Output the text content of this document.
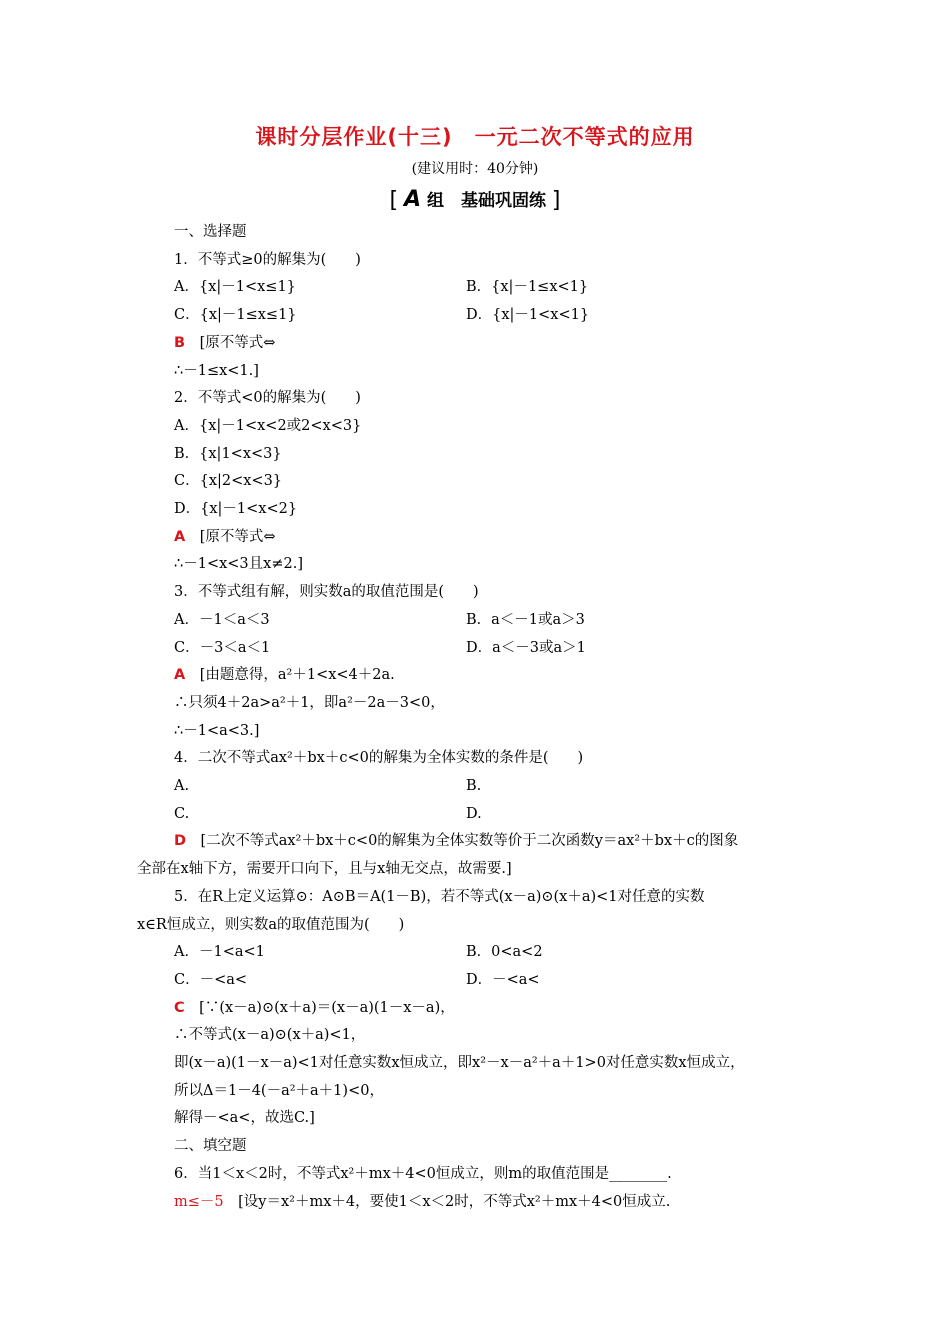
课时分层作业(十三)　一元二次不等式的应用
(建议用时：40分钟)
[ A 组　基础巩固练 ]
一、选择题
1．不等式≥0的解集为(　　)
A．{x|－1<x≤1}	B．{x|－1≤x<1}
C．{x|－1≤x≤1}	D．{x|－1<x<1}
B　 [原不等式⇔
∴－1≤x<1.]
2．不等式<0的解集为(　　)
A．{x|－1<x<2或2<x<3}
B．{x|1<x<3}
C．{x|2<x<3}
D．{x|－1<x<2}
A　 [原不等式⇔
∴－1<x<3且x≠2.]
3．不等式组有解，则实数a的取值范围是(　　)
A．－1＜a＜3	B．a＜－1或a＞3
C．－3＜a＜1	D．a＜－3或a＞1
A　 [由题意得，a²＋1<x<4＋2a.
∴只须4＋2a>a²＋1，即a²－2a－3<0，
∴－1<a<3.]
4．二次不等式ax²＋bx＋c<0的解集为全体实数的条件是(　　)
A.	B.
C.	D.
D　 [二次不等式ax²＋bx＋c<0的解集为全体实数等价于二次函数y＝ax²＋bx＋c的图象
全部在x轴下方，需要开口向下，且与x轴无交点，故需要.]
5．在R上定义运算⊙：A⊙B＝A(1－B)，若不等式(x－a)⊙(x＋a)<1对任意的实数
x∈R恒成立，则实数a的取值范围为(　　)
A．－1<a<1	B．0<a<2
C．－<a<	D．－<a<
C　 [∵(x－a)⊙(x＋a)＝(x－a)(1－x－a)，
∴不等式(x－a)⊙(x＋a)<1，
即(x－a)(1－x－a)<1对任意实数x恒成立，即x²－x－a²＋a＋1>0对任意实数x恒成立，
所以Δ＝1－4(－a²＋a＋1)<0，
解得－<a<，故选C.]
二、填空题
6．当1＜x＜2时，不等式x²＋mx＋4<0恒成立，则m的取值范围是________.
m≤－5　 [设y＝x²＋mx＋4，要使1＜x＜2时，不等式x²＋mx＋4<0恒成立.
